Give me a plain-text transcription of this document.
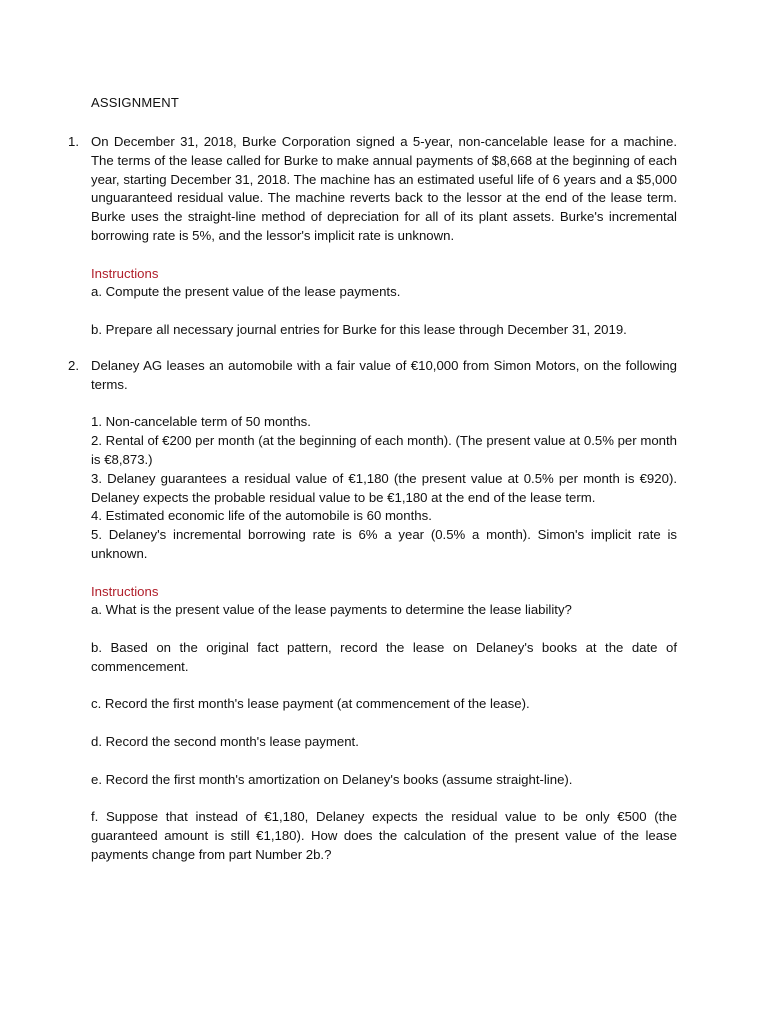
ASSIGNMENT
1. On December 31, 2018, Burke Corporation signed a 5-year, non-cancelable lease for a machine. The terms of the lease called for Burke to make annual payments of $8,668 at the beginning of each year, starting December 31, 2018. The machine has an estimated useful life of 6 years and a $5,000 unguaranteed residual value. The machine reverts back to the lessor at the end of the lease term. Burke uses the straight-line method of depreciation for all of its plant assets. Burke's incremental borrowing rate is 5%, and the lessor's implicit rate is unknown.

Instructions

a. Compute the present value of the lease payments.

b. Prepare all necessary journal entries for Burke for this lease through December 31, 2019.

2. Delaney AG leases an automobile with a fair value of €10,000 from Simon Motors, on the following terms.

1. Non-cancelable term of 50 months.

2. Rental of €200 per month (at the beginning of each month). (The present value at 0.5% per month is €8,873.)

3. Delaney guarantees a residual value of €1,180 (the present value at 0.5% per month is €920). Delaney expects the probable residual value to be €1,180 at the end of the lease term.

4. Estimated economic life of the automobile is 60 months.

5. Delaney's incremental borrowing rate is 6% a year (0.5% a month). Simon's implicit rate is unknown.

Instructions

a. What is the present value of the lease payments to determine the lease liability?

b. Based on the original fact pattern, record the lease on Delaney's books at the date of commencement.

c. Record the first month's lease payment (at commencement of the lease).

d. Record the second month's lease payment.

e. Record the first month's amortization on Delaney's books (assume straight-line).

f. Suppose that instead of €1,180, Delaney expects the residual value to be only €500 (the guaranteed amount is still €1,180). How does the calculation of the present value of the lease payments change from part Number 2b.?
